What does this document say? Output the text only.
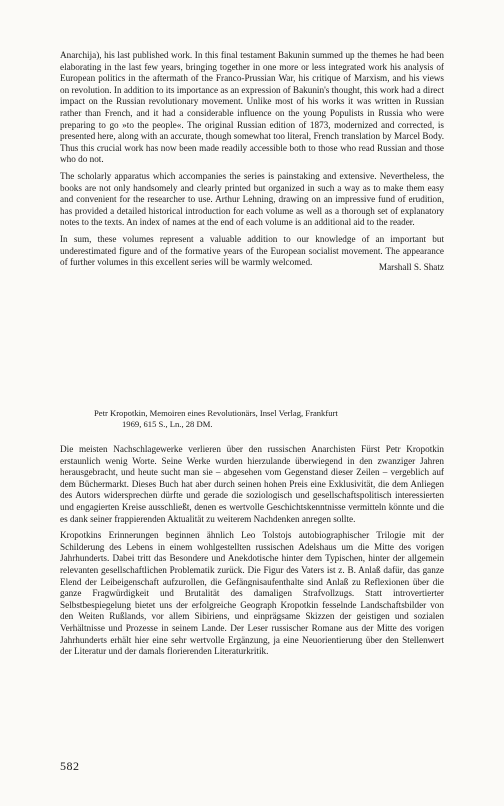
Anarchija), his last published work. In this final testament Bakunin summed up the themes he had been elaborating in the last few years, bringing together in one more or less integrated work his analysis of European politics in the aftermath of the Franco-Prussian War, his critique of Marxism, and his views on revolution. In addition to its importance as an expression of Bakunin's thought, this work had a direct impact on the Russian revolutionary movement. Unlike most of his works it was written in Russian rather than French, and it had a considerable influence on the young Populists in Russia who were preparing to go »to the people«. The original Russian edition of 1873, modernized and corrected, is presented here, along with an accurate, though somewhat too literal, French translation by Marcel Body. Thus this crucial work has now been made readily accessible both to those who read Russian and those who do not.

The scholarly apparatus which accompanies the series is painstaking and extensive. Nevertheless, the books are not only handsomely and clearly printed but organized in such a way as to make them easy and convenient for the researcher to use. Arthur Lehning, drawing on an impressive fund of erudition, has provided a detailed historical introduction for each volume as well as a thorough set of explanatory notes to the texts. An index of names at the end of each volume is an additional aid to the reader.

In sum, these volumes represent a valuable addition to our knowledge of an important but underestimated figure and of the formative years of the European socialist movement. The appearance of further volumes in this excellent series will be warmly welcomed.	Marshall S. Shatz

Petr Kropotkin, Memoiren eines Revolutionärs, Insel Verlag, Frankfurt

1969, 615 S., Ln., 28 DM.

Die meisten Nachschlagewerke verlieren über den russischen Anarchisten Fürst Petr Kropotkin erstaunlich wenig Worte. Seine Werke wurden hierzulande überwiegend in den zwanziger Jahren herausgebracht, und heute sucht man sie – abgesehen vom Gegenstand dieser Zeilen – vergeblich auf dem Büchermarkt. Dieses Buch hat aber durch seinen hohen Preis eine Exklusivität, die dem Anliegen des Autors widersprechen dürfte und gerade die soziologisch und gesellschaftspolitisch interessierten und engagierten Kreise ausschließt, denen es wertvolle Geschichtskenntnisse vermitteln könnte und die es dank seiner frappierenden Aktualität zu weiterem Nachdenken anregen sollte.

Kropotkins Erinnerungen beginnen ähnlich Leo Tolstojs autobiographischer Trilogie mit der Schilderung des Lebens in einem wohlgestellten russischen Adelshaus um die Mitte des vorigen Jahrhunderts. Dabei tritt das Besondere und Anekdotische hinter dem Typischen, hinter der allgemein relevanten gesellschaftlichen Problematik zurück. Die Figur des Vaters ist z. B. Anlaß dafür, das ganze Elend der Leibeigenschaft aufzurollen, die Gefängnisaufenthalte sind Anlaß zu Reflexionen über die ganze Fragwürdigkeit und Brutalität des damaligen Strafvollzugs. Statt introvertierter Selbstbespiegelung bietet uns der erfolgreiche Geograph Kropotkin fesselnde Landschaftsbilder von den Weiten Rußlands, vor allem Sibiriens, und einprägsame Skizzen der geistigen und sozialen Verhältnisse und Prozesse in seinem Lande. Der Leser russischer Romane aus der Mitte des vorigen Jahrhunderts erhält hier eine sehr wertvolle Ergänzung, ja eine Neuorientierung über den Stellenwert der Literatur und der damals florierenden Literaturkritik.

582
